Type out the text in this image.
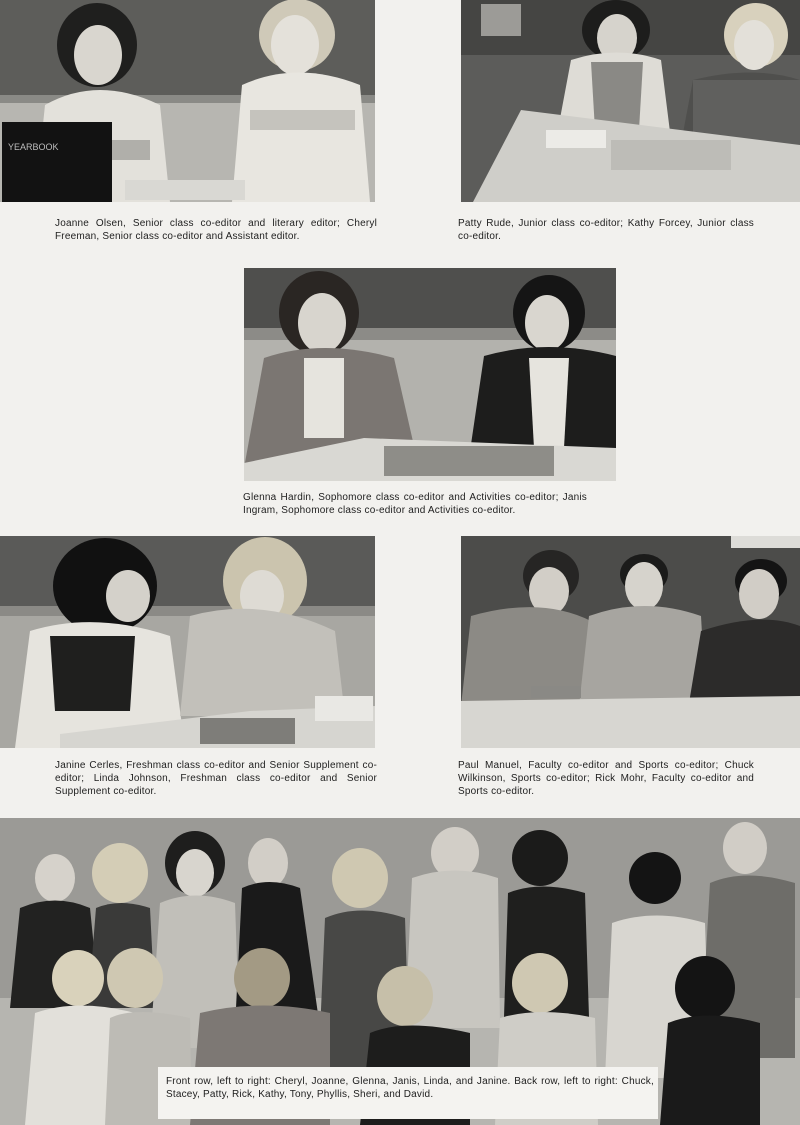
YEARBOOK
Joanne Olsen, Senior class co-editor and literary editor; Cheryl Freeman, Senior class co-editor and Assistant editor.
Patty Rude, Junior class co-editor; Kathy Forcey, Junior class co-editor.
Glenna Hardin, Sophomore class co-editor and Activities co-editor; Janis Ingram, Sophomore class co-editor and Activities co-editor.
Janine Cerles, Freshman class co-editor and Senior Supplement co-editor; Linda Johnson, Freshman class co-editor and Senior Supplement co-editor.
Paul Manuel, Faculty co-editor and Sports co-editor; Chuck Wilkinson, Sports co-editor; Rick Mohr, Faculty co-editor and Sports co-editor.
Front row, left to right: Cheryl, Joanne, Glenna, Janis, Linda, and Janine. Back row, left to right: Chuck, Stacey, Patty, Rick, Kathy, Tony, Phyllis, Sheri, and David.
